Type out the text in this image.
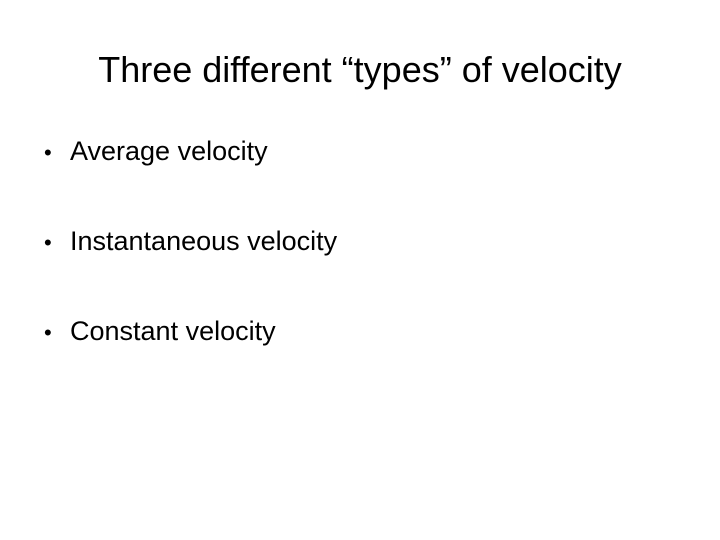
Three different “types” of velocity
• Average velocity
• Instantaneous velocity
• Constant velocity
